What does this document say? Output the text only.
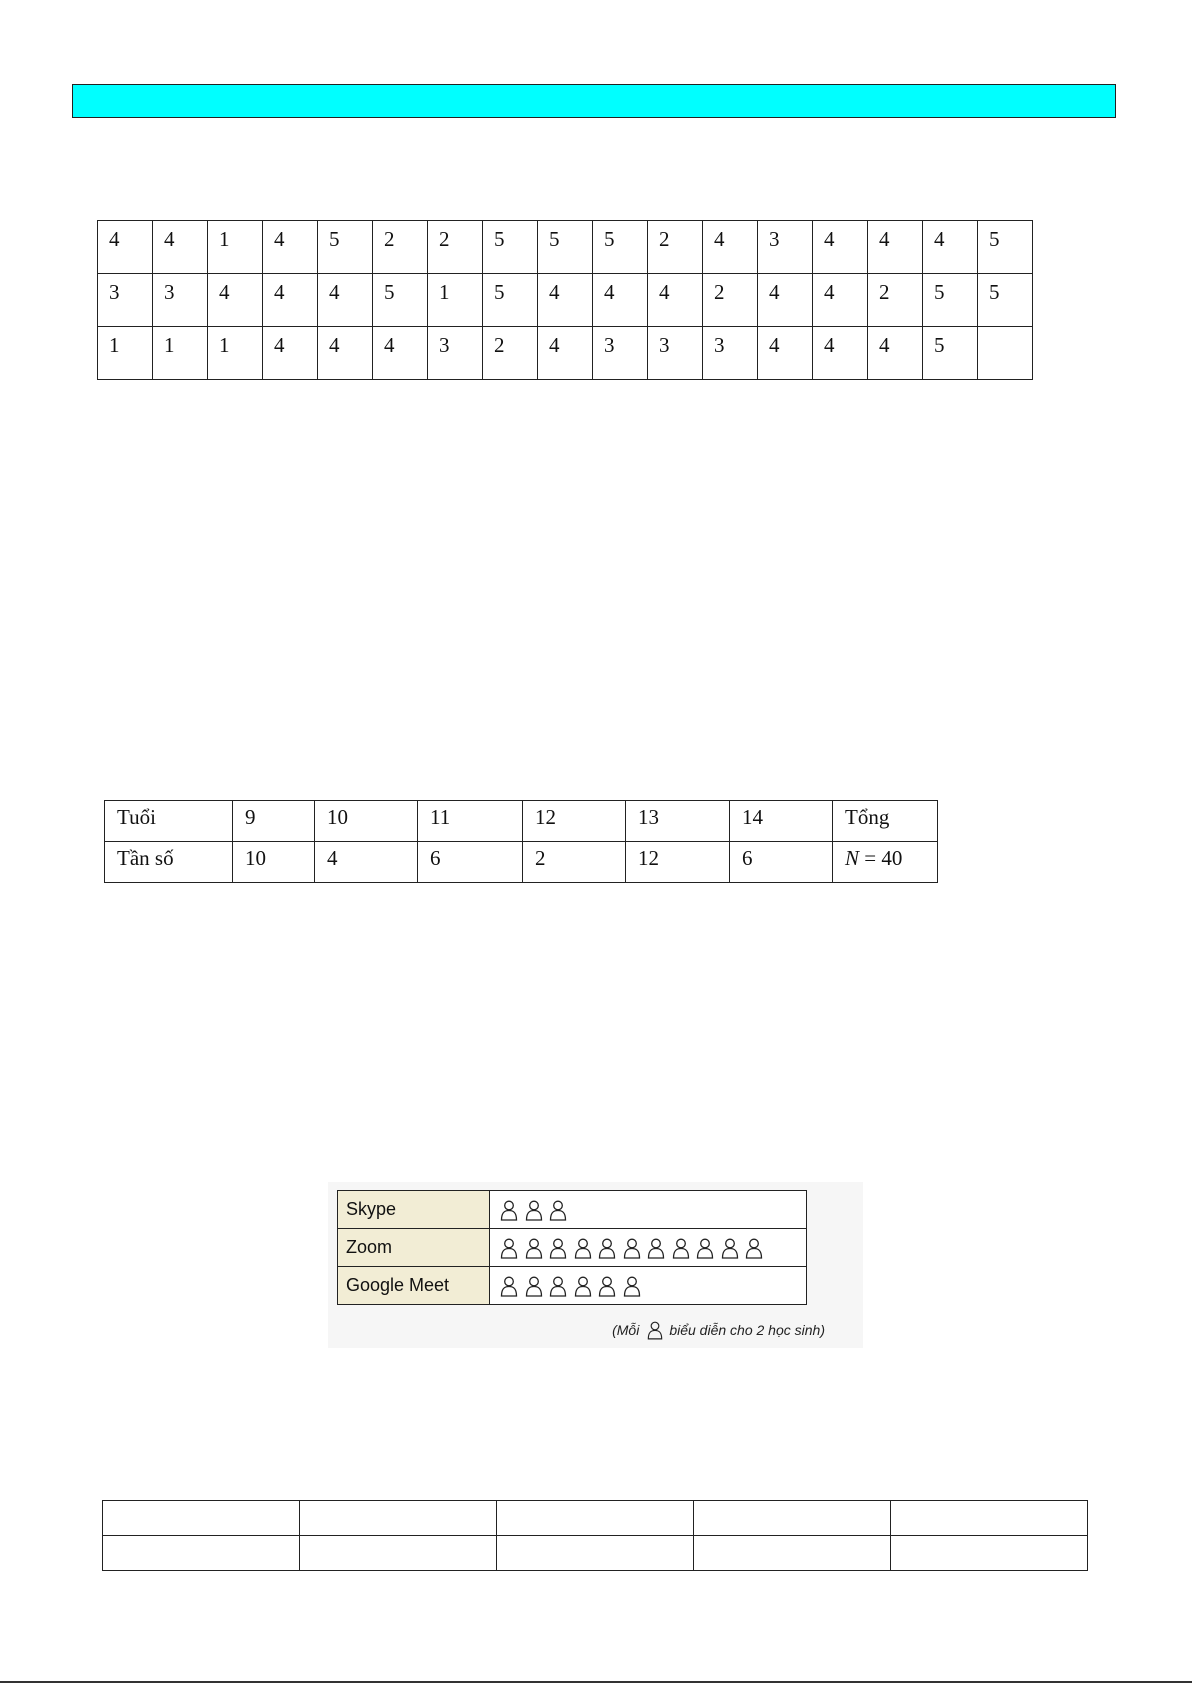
4	4	1	4	5	2	2	5	5	5	2	4	3	4	4	4	5
3	3	4	4	4	5	1	5	4	4	4	2	4	4	2	5	5
1	1	1	4	4	4	3	2	4	3	3	3	4	4	4	5	
Tuổi	9	10	11	12	13	14	Tổng
Tần số	10	4	6	2	12	6	N = 40
Skype	
Zoom	
Google Meet	
(Mỗi biểu diễn cho 2 học sinh)
